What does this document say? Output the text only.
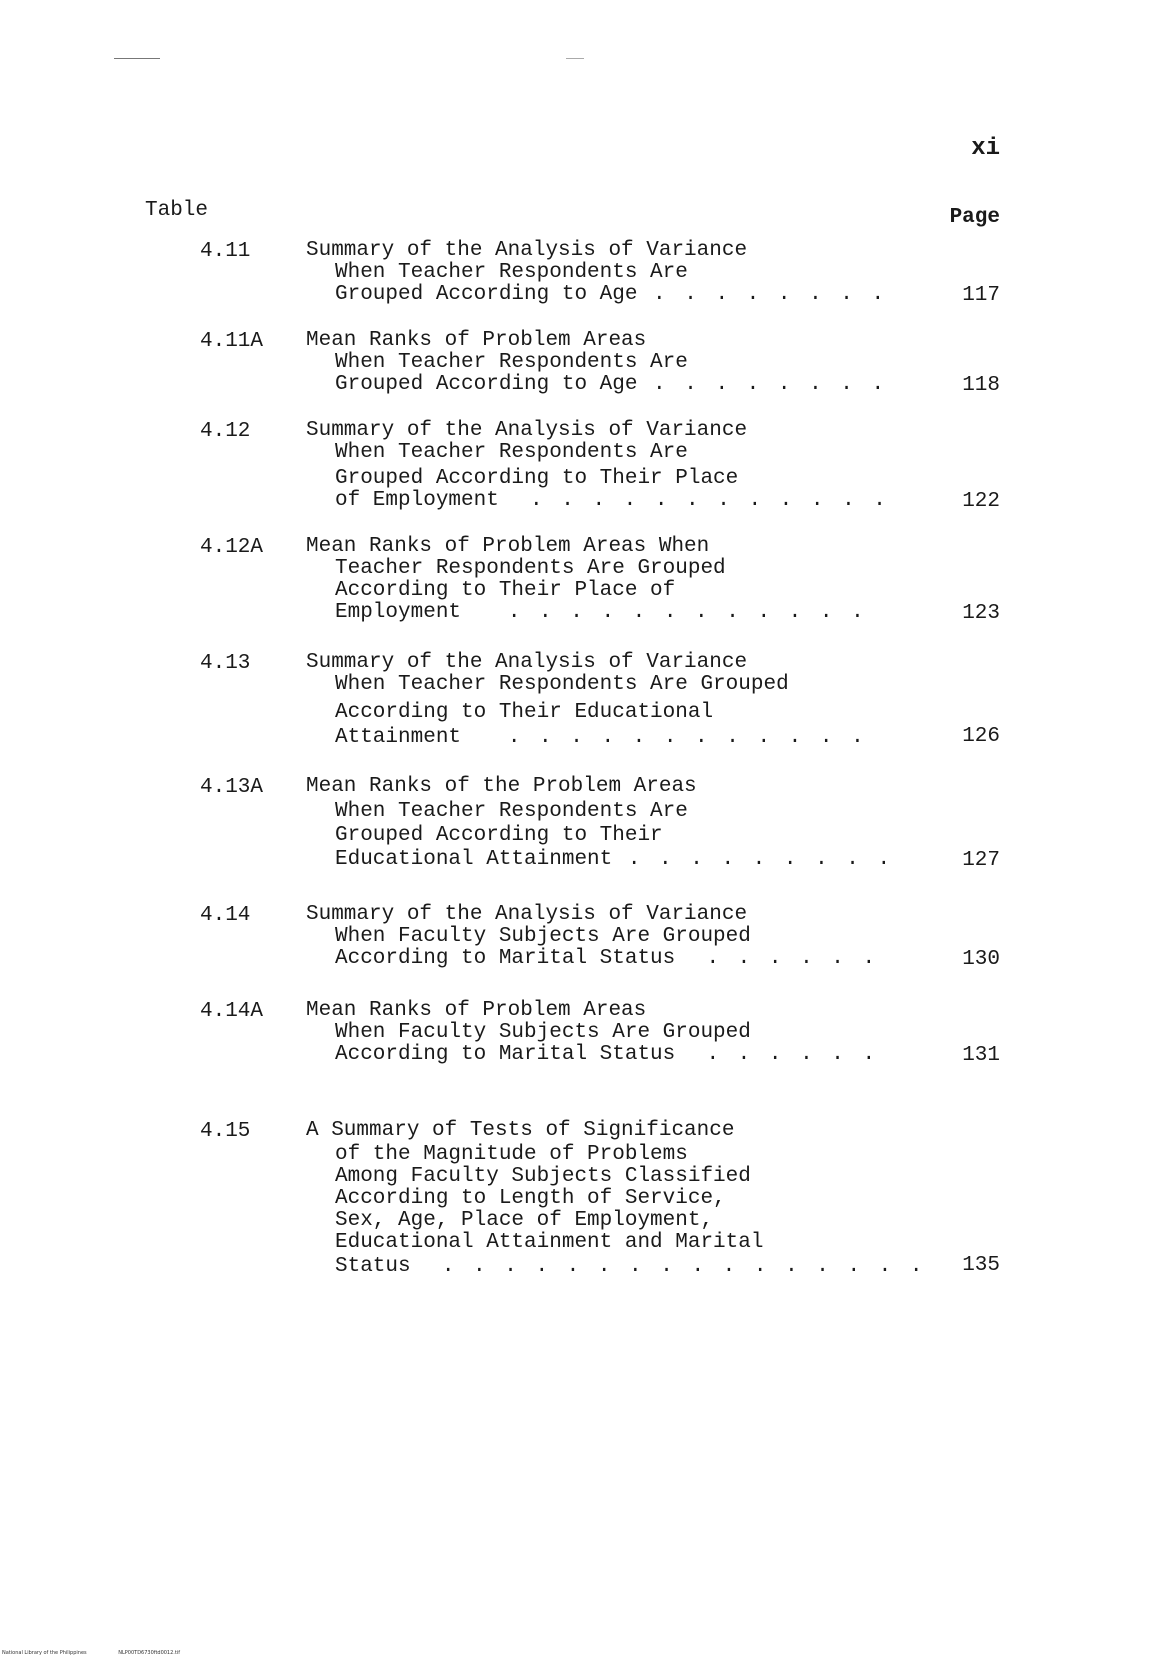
xi
Table	Page
4.11	Summary of the Analysis of Variance
When Teacher Respondents Are
Grouped According to Age . . . . . . . .	117
4.11A Mean Ranks of Problem Areas
When Teacher Respondents Are
Grouped According to Age . . . . . . . .	118
4.12	Summary of the Analysis of Variance
When Teacher Respondents Are
Grouped According to Their Place
of Employment  . . . . . . . . . . . .	122
4.12A Mean Ranks of Problem Areas When
Teacher Respondents Are Grouped
According to Their Place of
Employment   . . . . . . . . . . . .	123
4.13	Summary of the Analysis of Variance
When Teacher Respondents Are Grouped
According to Their Educational
Attainment   . . . . . . . . . . . .	126
4.13A Mean Ranks of the Problem Areas
When Teacher Respondents Are
Grouped According to Their
Educational Attainment . . . . . . . . .	127
4.14	Summary of the Analysis of Variance
When Faculty Subjects Are Grouped
According to Marital Status  . . . . . .	130
4.14A Mean Ranks of Problem Areas
When Faculty Subjects Are Grouped
According to Marital Status  . . . . . .	131
4.15	A Summary of Tests of Significance
of the Magnitude of Problems
Among Faculty Subjects Classified
According to Length of Service,
Sex, Age, Place of Employment,
Educational Attainment and Marital
Status  . . . . . . . . . . . . . . . .	135
National Library of the Philippines	NLP00TD6730ftd0012.tif
